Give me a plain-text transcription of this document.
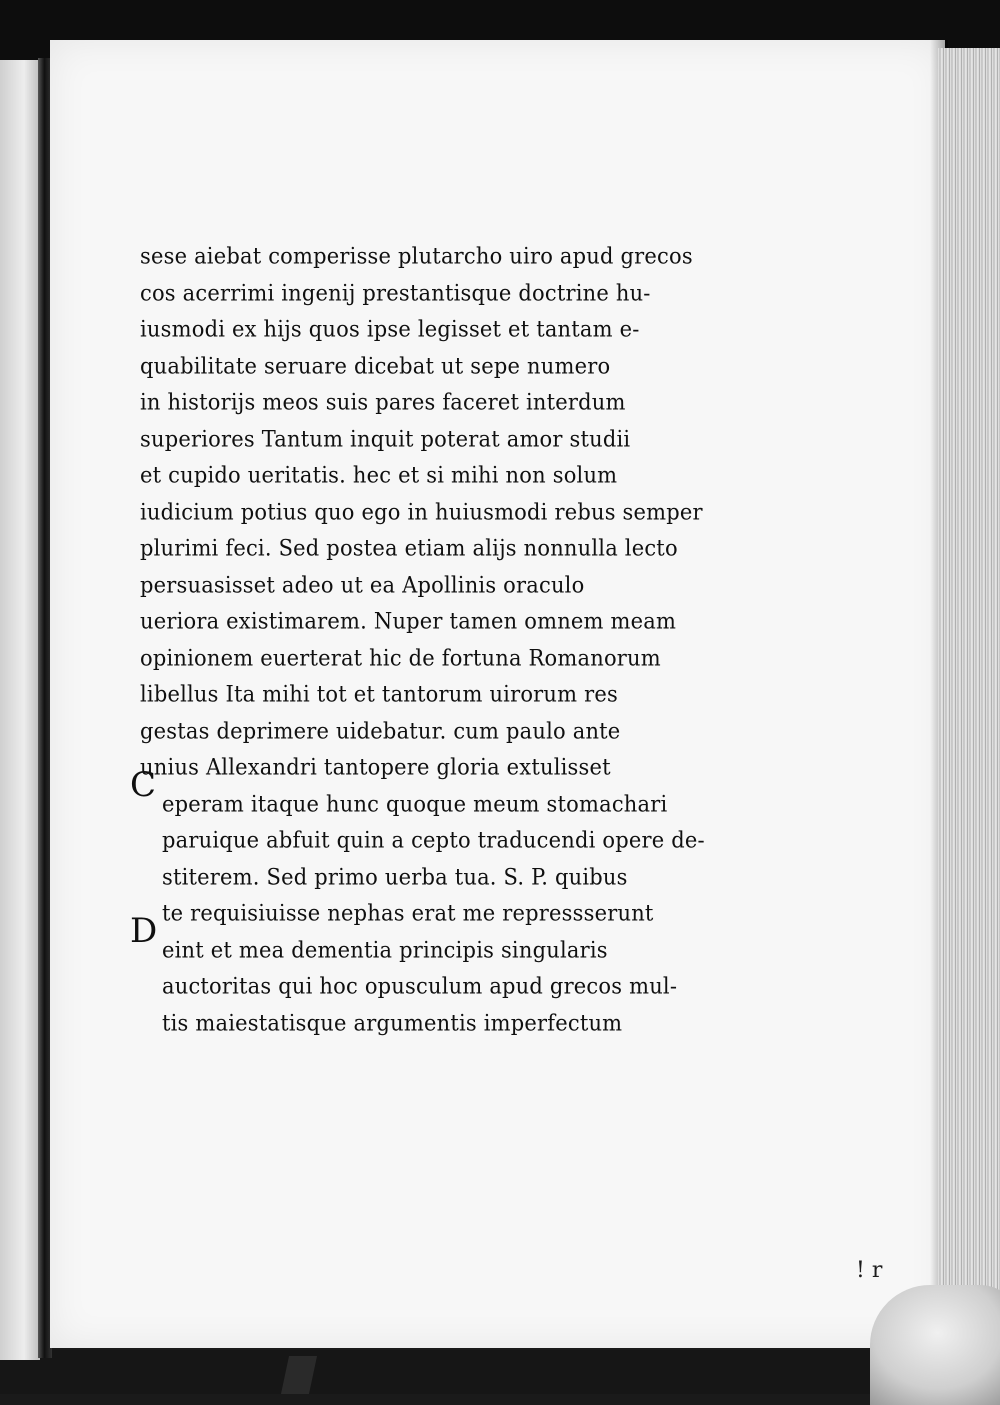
sese aiebat comperisse plutarcho uiro apud grecos
cos acerrimi ingenij prestantisque doctrine hu-
iusmodi ex hijs quos ipse legisset et tantam e-
quabilitate seruare dicebat ut sepe numero
in historijs meos suis pares faceret interdum
superiores Tantum inquit poterat amor studii
et cupido ueritatis. hec et si mihi non solum
iudicium potius quo ego in huiusmodi rebus semper
plurimi feci. Sed postea etiam alijs nonnulla lecto
persuasisset adeo ut ea Apollinis oraculo
ueriora existimarem. Nuper tamen omnem meam
opinionem euerterat hic de fortuna Romanorum
libellus Ita mihi tot et tantorum uirorum res
gestas deprimere uidebatur. cum paulo ante
unius Allexandri tantopere gloria extulisset
eperam itaque hunc quoque meum stomachari
paruique abfuit quin a cepto traducendi opere de-
stiterem. Sed primo uerba tua. S. P. quibus
te requisiuisse nephas erat me repressserunt
eint et mea dementia principis singularis
auctoritas qui hoc opusculum apud grecos mul-
tis maiestatisque argumentis imperfectum
C
D
! r
